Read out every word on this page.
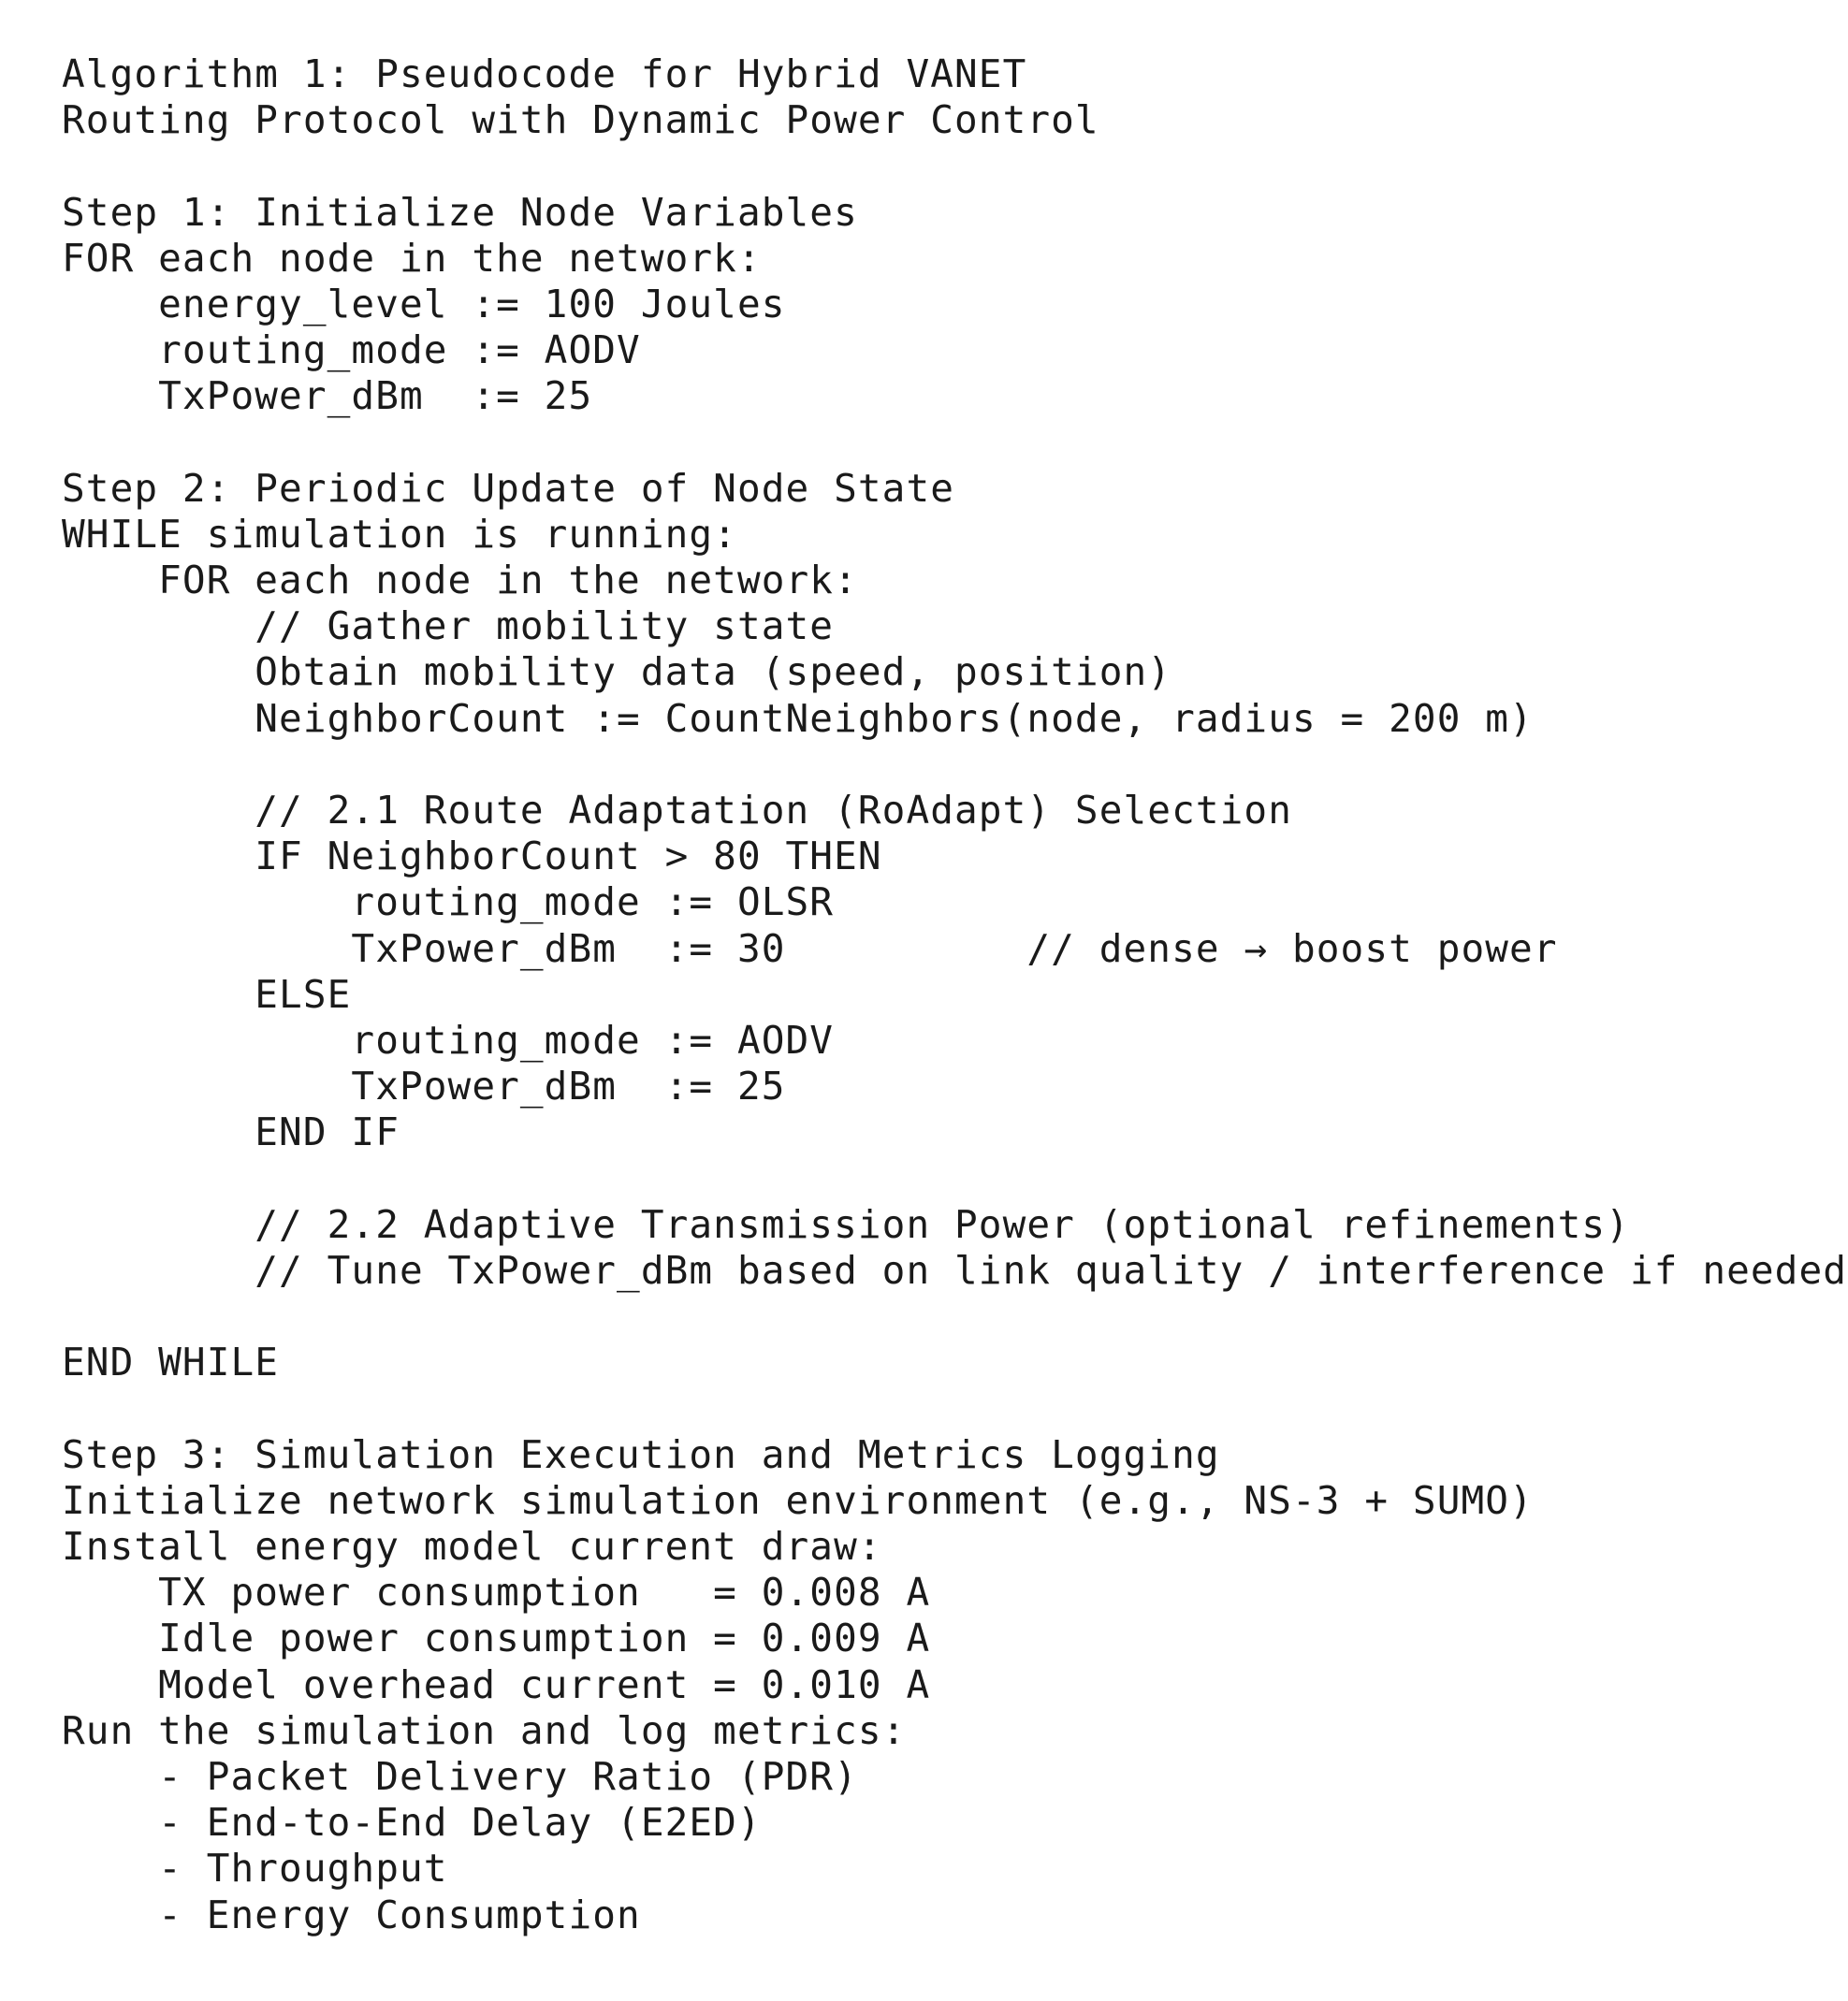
Algorithm 1: Pseudocode for Hybrid VANET
Routing Protocol with Dynamic Power Control
Step 1: Initialize Node Variables
FOR each node in the network:
energy_level := 100 Joules
routing_mode := AODV
TxPower_dBm  := 25
Step 2: Periodic Update of Node State
WHILE simulation is running:
FOR each node in the network:
// Gather mobility state
Obtain mobility data (speed, position)
NeighborCount := CountNeighbors(node, radius = 200 m)
// 2.1 Route Adaptation (RoAdapt) Selection
IF NeighborCount > 80 THEN
routing_mode := OLSR
TxPower_dBm  := 30          // dense → boost power
ELSE
routing_mode := AODV
TxPower_dBm  := 25
END IF
// 2.2 Adaptive Transmission Power (optional refinements)
// Tune TxPower_dBm based on link quality / interference if needed
END WHILE
Step 3: Simulation Execution and Metrics Logging
Initialize network simulation environment (e.g., NS-3 + SUMO)
Install energy model current draw:
TX power consumption   = 0.008 A
Idle power consumption = 0.009 A
Model overhead current = 0.010 A
Run the simulation and log metrics:
- Packet Delivery Ratio (PDR)
- End-to-End Delay (E2ED)
- Throughput
- Energy Consumption
